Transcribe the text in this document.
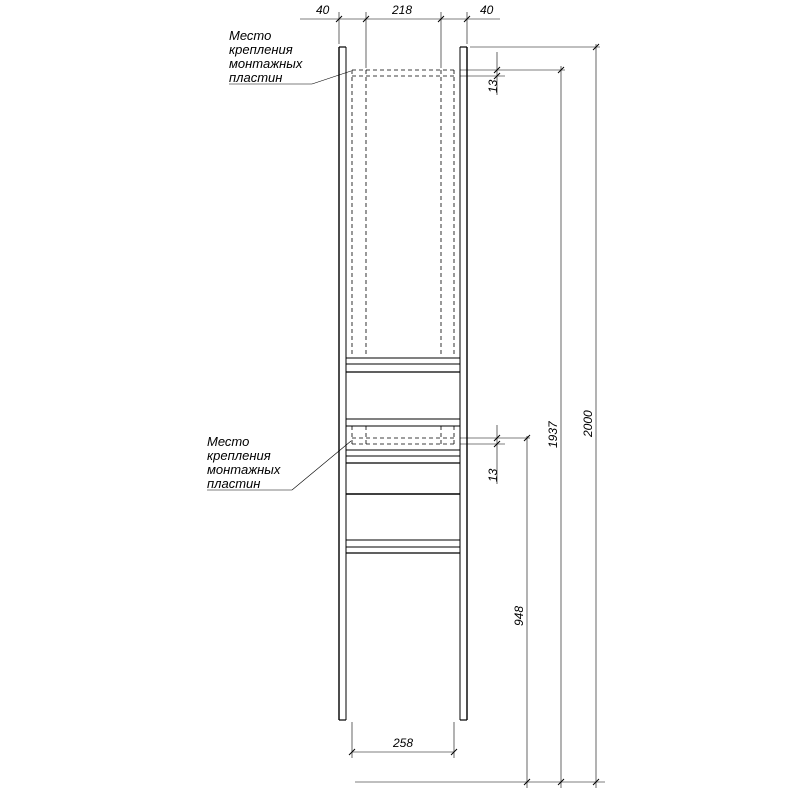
40	218	40
13
13
1937 2000
948
258
Место
крепления
монтажных
пластин
Место
крепления
монтажных
пластин
